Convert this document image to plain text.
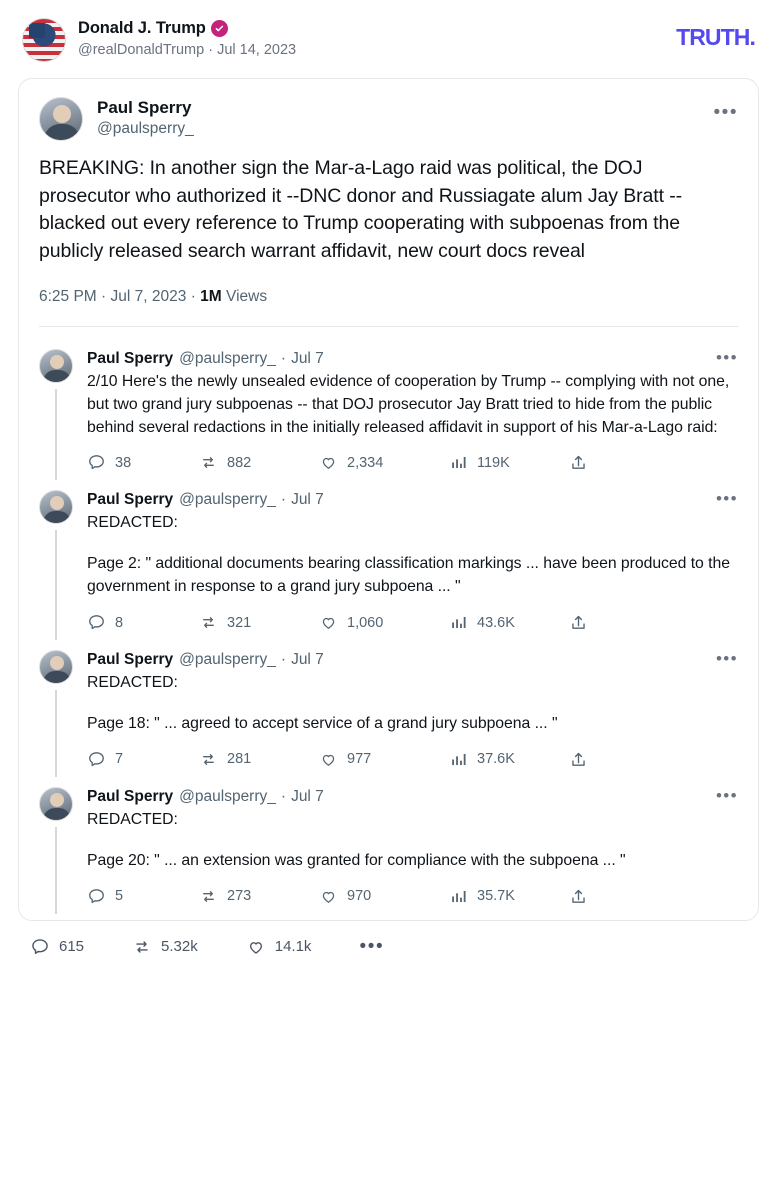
Donald J. Trump
@realDonaldTrump · Jul 14, 2023	TRUTH.
Paul Sperry
@paulsperry_
•••
BREAKING: In another sign the Mar-a-Lago raid was political, the DOJ prosecutor who authorized it --DNC donor and Russiagate alum Jay Bratt --blacked out every reference to Trump cooperating with subpoenas from the publicly released search warrant affidavit, new court docs reveal
6:25 PM · Jul 7, 2023 · 1M Views
Paul Sperry @paulsperry_ · Jul 7	•••
2/10 Here's the newly unsealed evidence of cooperation by Trump -- complying with not one, but two grand jury subpoenas -- that DOJ prosecutor Jay Bratt tried to hide from the public behind several redactions in the initially released affidavit in support of his Mar-a-Lago raid:
38	882	2,334	119K
Paul Sperry @paulsperry_ · Jul 7	•••
REDACTED:
Page 2: " additional documents bearing classification markings ... have been produced to the government in response to a grand jury subpoena ... "
8	321	1,060	43.6K
Paul Sperry @paulsperry_ · Jul 7	•••
REDACTED:
Page 18: " ... agreed to accept service of a grand jury subpoena ... "
7	281	977	37.6K
Paul Sperry @paulsperry_ · Jul 7	•••
REDACTED:
Page 20: " ... an extension was granted for compliance with the subpoena ... "
5	273	970	35.7K
615	5.32k	14.1k	•••
